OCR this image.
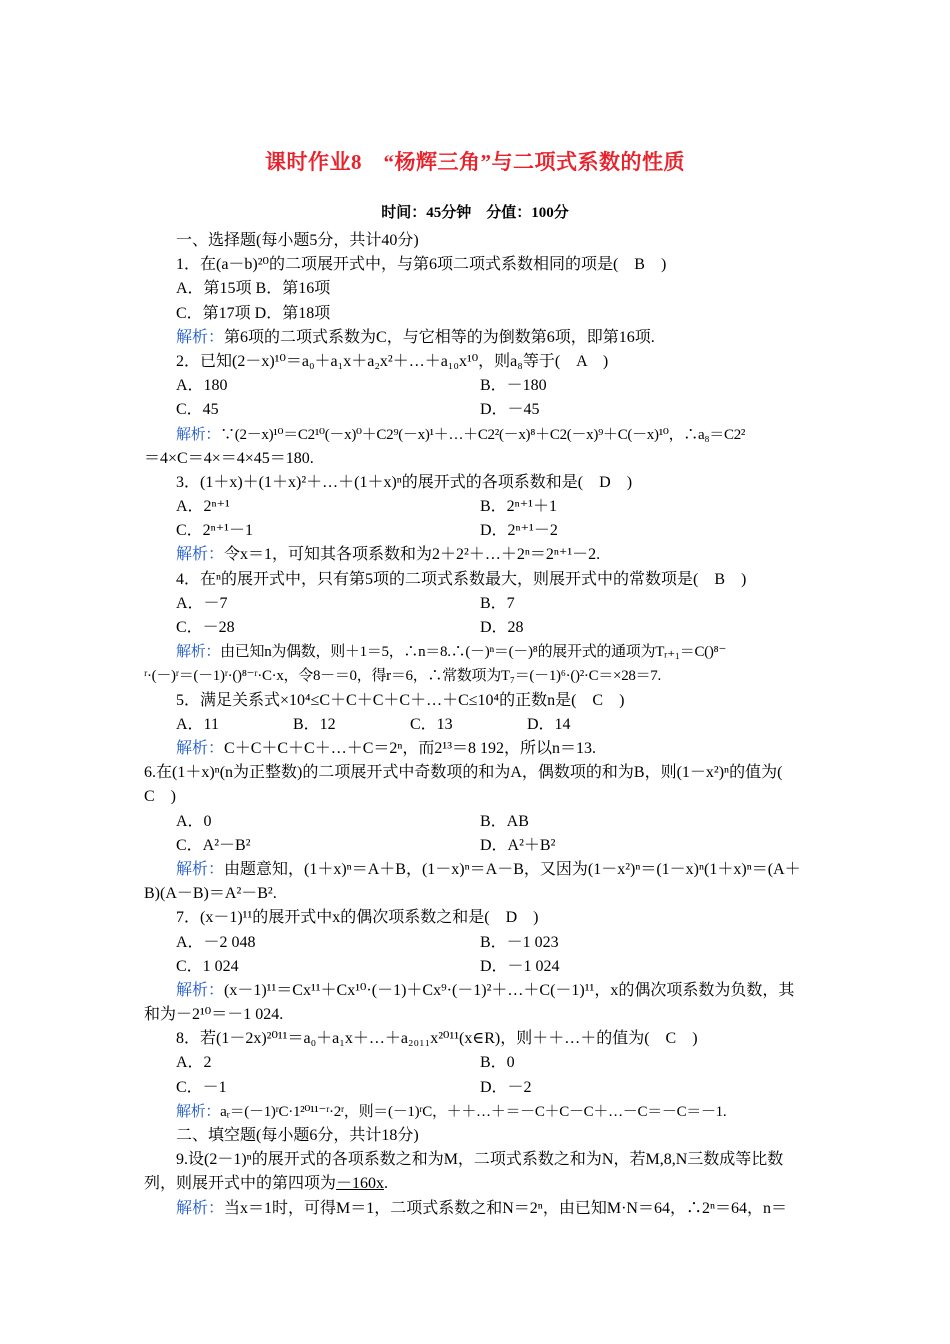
课时作业8　“杨辉三角”与二项式系数的性质
时间：45分钟　分值：100分
一、选择题(每小题5分，共计40分)
1．在(a－b)²⁰的二项展开式中，与第6项二项式系数相同的项是(　B　)
A．第15项 B．第16项
C．第17项 D．第18项
解析：第6项的二项式系数为C，与它相等的为倒数第6项，即第16项.
2．已知(2－x)¹⁰＝a₀＋a₁x＋a₂x²＋…＋a₁₀x¹⁰，则a₈等于(　A　)
A．180	B．－180
C．45	D．－45
解析：∵(2－x)¹⁰＝C2¹⁰(－x)⁰＋C2⁹(－x)¹＋…＋C2²(－x)⁸＋C2(－x)⁹＋C(－x)¹⁰，∴a₈＝C2²
＝4×C＝4×＝4×45＝180.
3．(1＋x)＋(1＋x)²＋…＋(1＋x)ⁿ的展开式的各项系数和是(　D　)
A．2ⁿ⁺¹	B．2ⁿ⁺¹＋1
C．2ⁿ⁺¹－1	D．2ⁿ⁺¹－2
解析：令x＝1，可知其各项系数和为2＋2²＋…＋2ⁿ＝2ⁿ⁺¹－2.
4．在ⁿ的展开式中，只有第5项的二项式系数最大，则展开式中的常数项是(　B　)
A．－7	B．7
C．－28	D．28
解析：由已知n为偶数，则＋1＝5，∴n＝8.∴(－)ⁿ＝(－)⁸的展开式的通项为Tᵣ₊₁＝C()⁸⁻
ʳ·(－)ʳ＝(－1)ʳ·()⁸⁻ʳ·C·x，令8－＝0，得r＝6，∴常数项为T₇＝(－1)⁶·()²·C＝×28＝7.
5．满足关系式×10⁴≤C＋C＋C＋C＋…＋C≤10⁴的正数n是(　C　)
A．11	B．12	C．13	D．14
解析：C＋C＋C＋C＋…＋C＝2ⁿ，而2¹³＝8 192，所以n＝13.
6.在(1＋x)ⁿ(n为正整数)的二项展开式中奇数项的和为A，偶数项的和为B，则(1－x²)ⁿ的值为(　C　)
A．0	B．AB
C．A²－B²	D．A²＋B²
解析：由题意知，(1＋x)ⁿ＝A＋B，(1－x)ⁿ＝A－B，又因为(1－x²)ⁿ＝(1－x)ⁿ(1＋x)ⁿ＝(A＋B)(A－B)＝A²－B².
7．(x－1)¹¹的展开式中x的偶次项系数之和是(　D　)
A．－2 048	B．－1 023
C．1 024	D．－1 024
解析：(x－1)¹¹＝Cx¹¹＋Cx¹⁰·(－1)＋Cx⁹·(－1)²＋…＋C(－1)¹¹，x的偶次项系数为负数，其和为－2¹⁰＝－1 024.
8．若(1－2x)²⁰¹¹＝a₀＋a₁x＋…＋a₂₀₁₁x²⁰¹¹(x∈R)，则＋＋…＋的值为(　C　)
A．2	B．0
C．－1	D．－2
解析：aᵣ＝(－1)ʳC·1²⁰¹¹⁻ʳ·2ʳ，则＝(－1)ʳC，＋＋…＋＝－C＋C－C＋…－C＝－C＝－1.
二、填空题(每小题6分，共计18分)
9.设(2－1)ⁿ的展开式的各项系数之和为M，二项式系数之和为N，若M,8,N三数成等比数列，则展开式中的第四项为－160x.
解析：当x＝1时，可得M＝1，二项式系数之和N＝2ⁿ，由已知M·N＝64，∴2ⁿ＝64，n＝
